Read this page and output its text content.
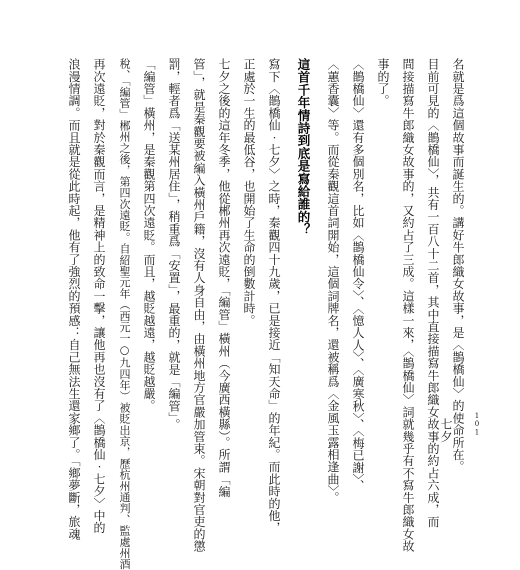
名就是爲這個故事而誕生的。講好牛郎織女故事，是〈鵲橋仙〉的使命所在。
目前可見的〈鵲橋仙〉，共有一百八十二首，其中直接描寫牛郎織女故事的約占六成，而
間接描寫牛郎織女故事的，又約占了三成。這樣一來，〈鵲橋仙〉詞就幾乎有不寫牛郎織女故
事的了。
〈鵲橋仙〉還有多個別名，比如〈鵲橋仙令〉、〈憶人人〉、〈廣寒秋〉、〈梅已謝〉、
〈蕙香囊〉等。而從秦觀這首詞開始，這個詞牌名，還被稱爲〈金風玉露相逢曲〉。
這首千年情詩到底是寫給誰的？
寫下〈鵲橋仙‧七夕〉之時，秦觀四十九歲，已是接近「知天命」的年紀。而此時的他，
正處於一生的最低谷，也開始了生命的倒數計時。
七夕之後的這年冬季，他從郴州再次遠貶，「編管」橫州（今廣西橫縣）。所謂「編
管」，就是秦觀要被編入橫州戶籍，沒有人身自由，由橫州地方官嚴加管束。宋朝對官吏的懲
罰，輕者爲「送某州居住」，稍重爲「安置」，最重的，就是「編管」。
「編管」橫州，是秦觀第四次遠貶。而且，越貶越遠，越貶越嚴。
稅、「編管」郴州之後，第四次遠貶。自紹聖元年（西元一○九四年）被貶出京，歷杭州通判、監處州酒
再次遠貶，對於秦觀而言，是精神上的致命一擊，讓他再也沒有了〈鵲橋仙‧七夕〉中的
浪漫情調。而且就是從此時起，他有了強烈的預感：自己無法生還家鄉了。「鄉夢斷，旅魂	101
七夕
